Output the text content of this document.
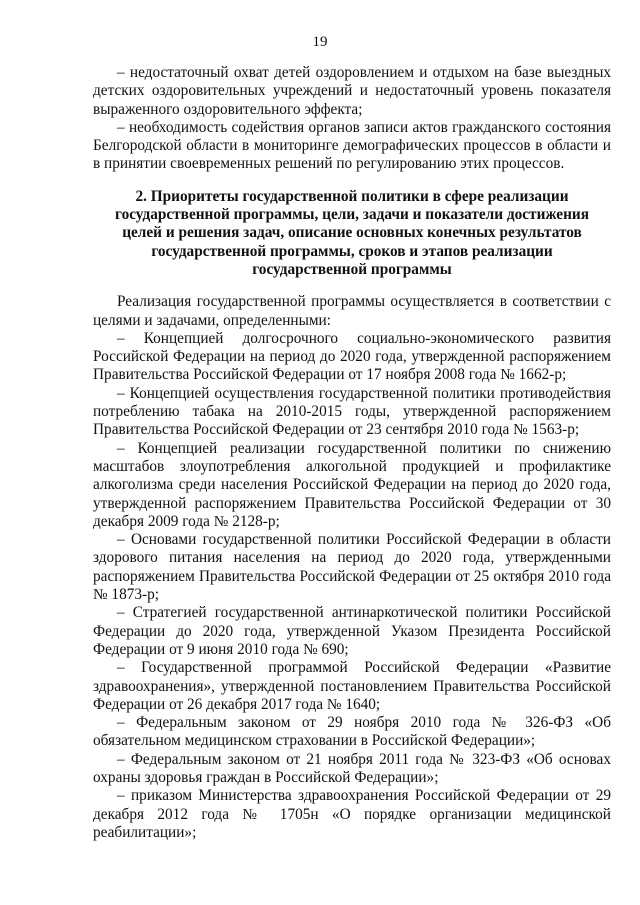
19

– недостаточный охват детей оздоровлением и отдыхом на базе выездных детских оздоровительных учреждений и недостаточный уровень показателя выраженного оздоровительного эффекта;

– необходимость содействия органов записи актов гражданского состояния Белгородской области в мониторинге демографических процессов в области и в принятии своевременных решений по регулированию этих процессов.

2. Приоритеты государственной политики в сфере реализации государственной программы, цели, задачи и показатели достижения целей и решения задач, описание основных конечных результатов государственной программы, сроков и этапов реализации государственной программы

Реализация государственной программы осуществляется в соответствии с целями и задачами, определенными:

– Концепцией долгосрочного социально-экономического развития Российской Федерации на период до 2020 года, утвержденной распоряжением Правительства Российской Федерации от 17 ноября 2008 года № 1662-р;

– Концепцией осуществления государственной политики противодействия потреблению табака на 2010-2015 годы, утвержденной распоряжением Правительства Российской Федерации от 23 сентября 2010 года № 1563-р;

– Концепцией реализации государственной политики по снижению масштабов злоупотребления алкогольной продукцией и профилактике алкоголизма среди населения Российской Федерации на период до 2020 года, утвержденной распоряжением Правительства Российской Федерации от 30 декабря 2009 года № 2128-р;

– Основами государственной политики Российской Федерации в области здорового питания населения на период до 2020 года, утвержденными распоряжением Правительства Российской Федерации от 25 октября 2010 года № 1873-р;

– Стратегией государственной антинаркотической политики Российской Федерации до 2020 года, утвержденной Указом Президента Российской Федерации от 9 июня 2010 года № 690;

– Государственной программой Российской Федерации «Развитие здравоохранения», утвержденной постановлением Правительства Российской Федерации от 26 декабря 2017 года № 1640;

– Федеральным законом от 29 ноября 2010 года № 326-ФЗ «Об обязательном медицинском страховании в Российской Федерации»;

– Федеральным законом от 21 ноября 2011 года № 323-ФЗ «Об основах охраны здоровья граждан в Российской Федерации»;

– приказом Министерства здравоохранения Российской Федерации от 29 декабря 2012 года № 1705н «О порядке организации медицинской реабилитации»;
